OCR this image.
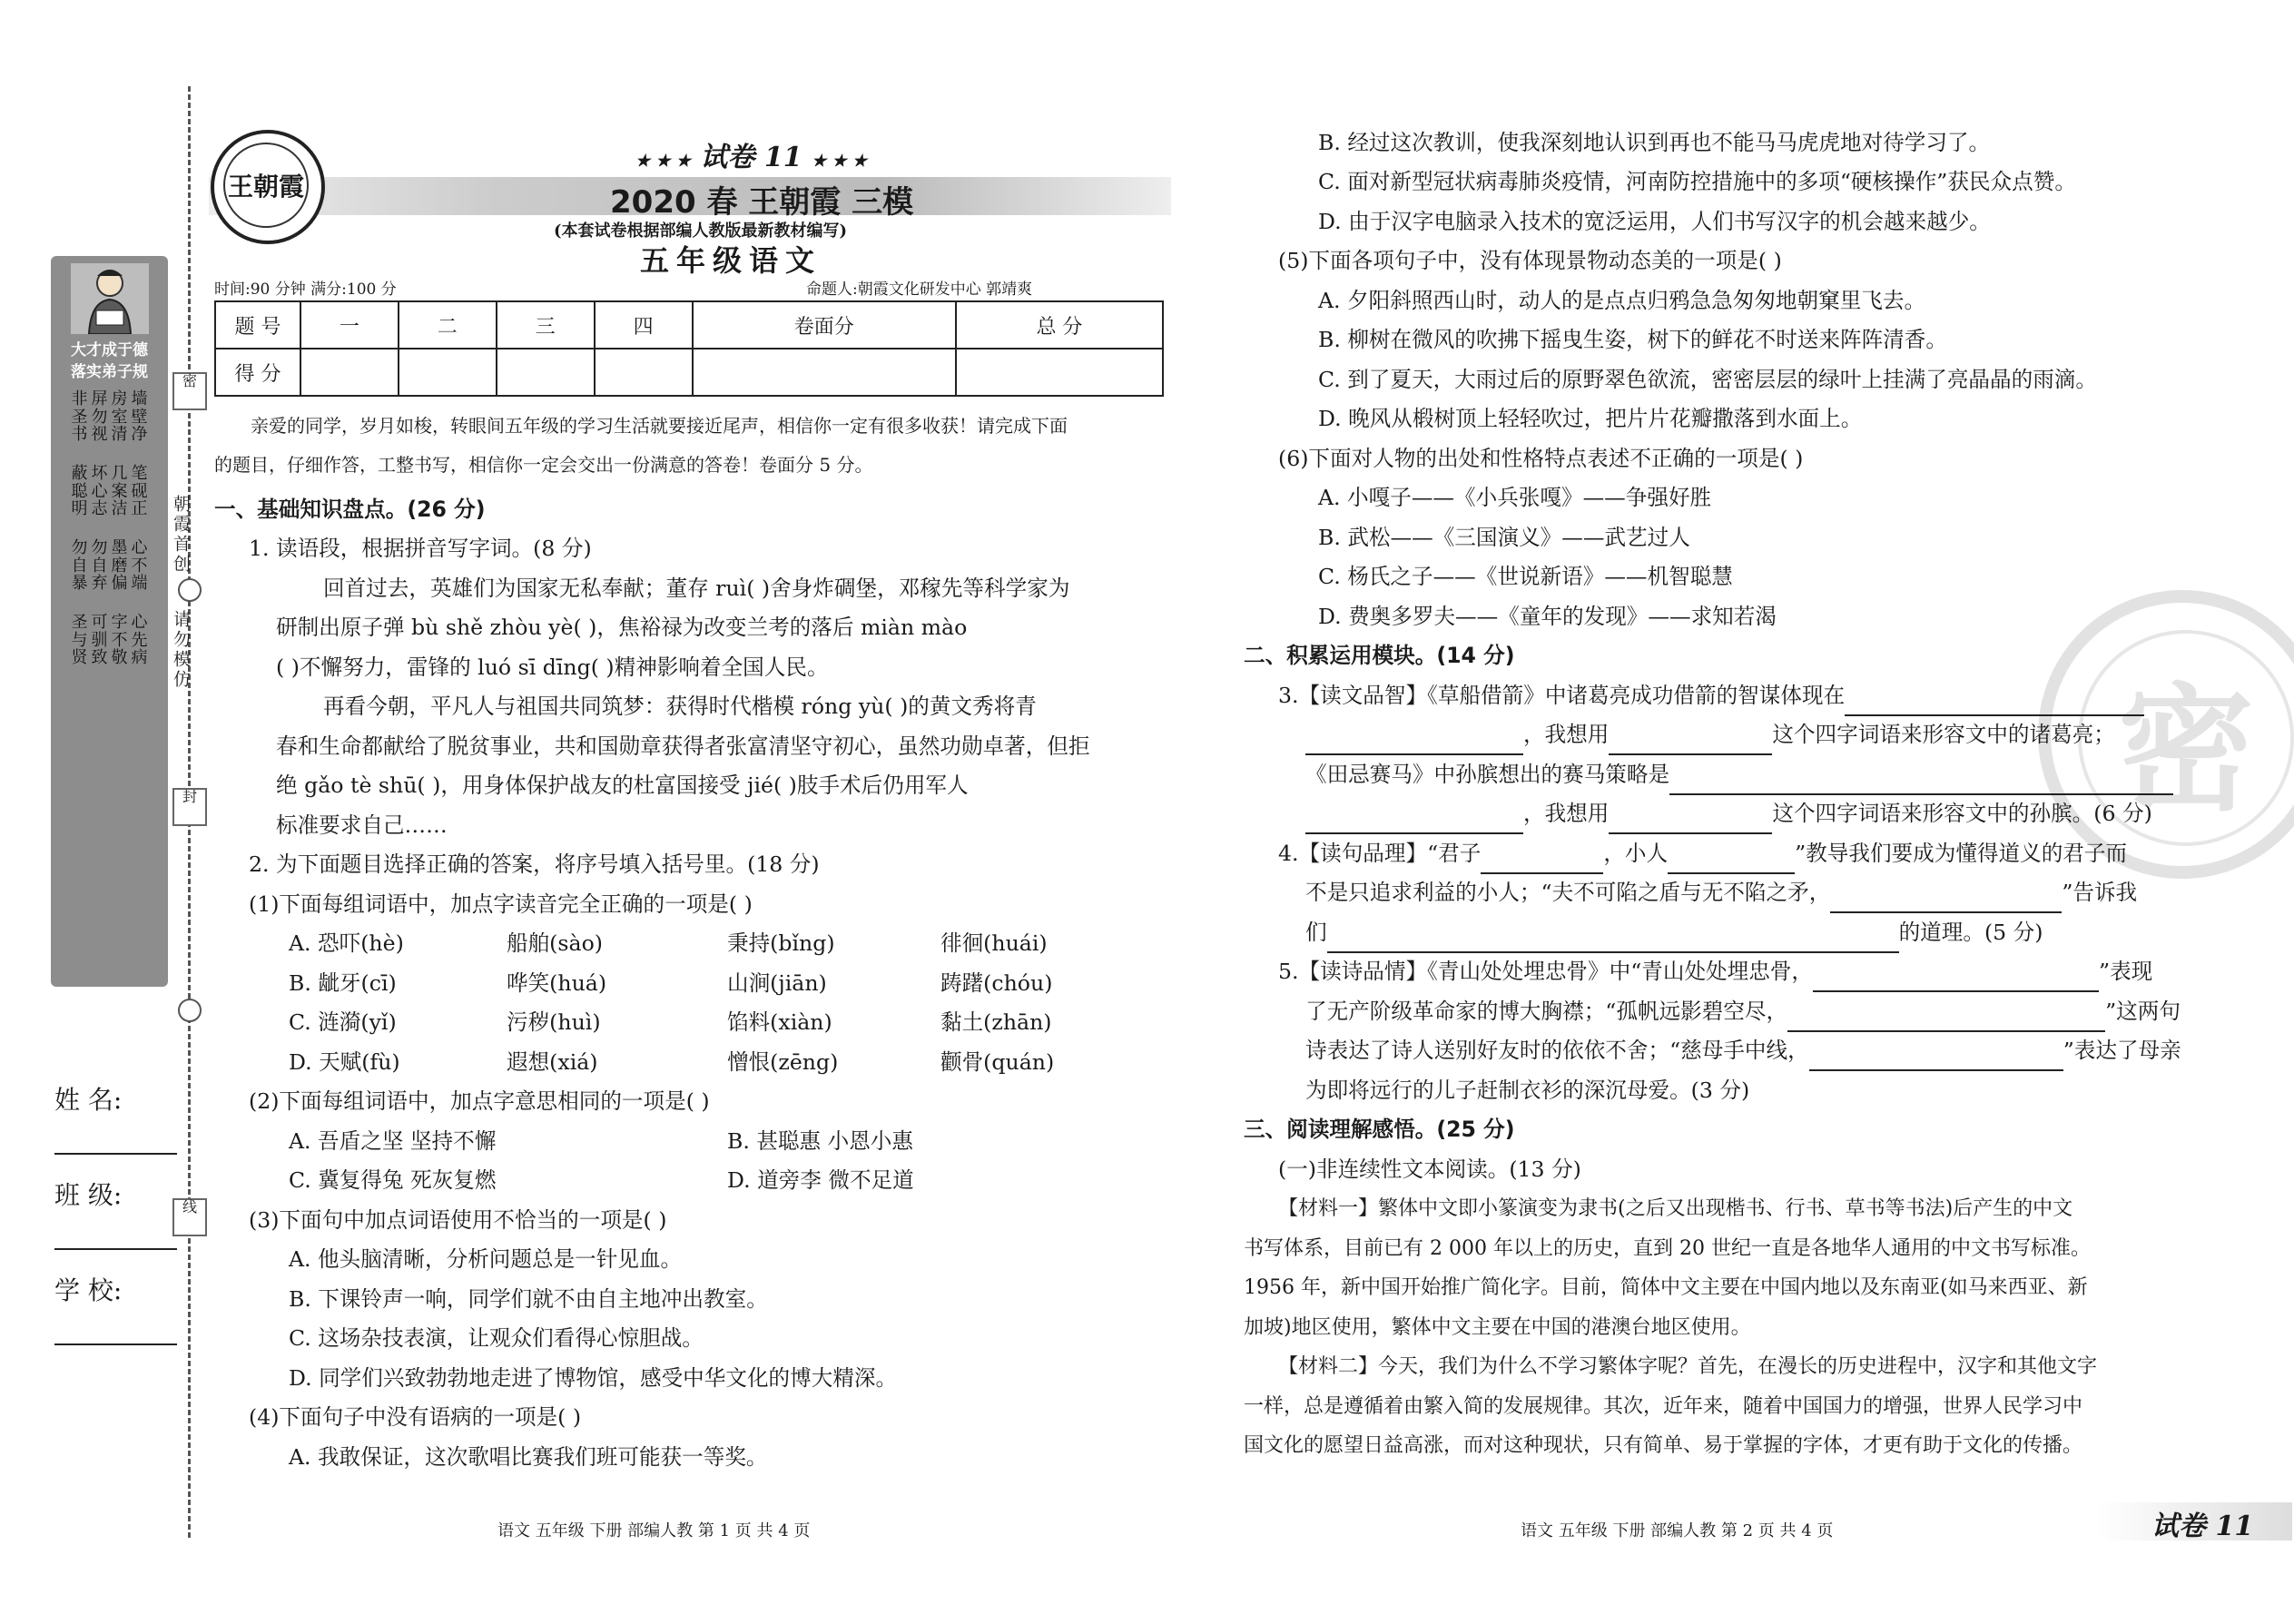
大才成于德
落实弟子规
非圣书
屏勿视
蔽聪明
坏心志
勿自暴
勿自弃
圣与贤
可驯致
房室清
墙壁净
几案洁
笔砚正
墨磨偏
心不端
字不敬
心先病
密
封
线
朝霞首创
请勿模仿
姓 名:
班 级:
学 校:
王朝霞
★ ★ ★ 试卷 11 ★ ★ ★
2020 春 王朝霞 三模
(本套试卷根据部编人教版最新教材编写)
五年级语文
时间:90 分钟 满分:100 分	命题人:朝霞文化研发中心 郭靖爽
题 号	一	二	三	四	卷面分	总 分
得 分						
亲爱的同学，岁月如梭，转眼间五年级的学习生活就要接近尾声，相信你一定有很多收获！请完成下面
的题目，仔细作答，工整书写，相信你一定会交出一份满意的答卷！卷面分 5 分。
一、基础知识盘点。(26 分)
1. 读语段，根据拼音写字词。(8 分)
回首过去，英雄们为国家无私奉献；董存 ruì( )舍身炸碉堡，邓稼先等科学家为
研制出原子弹 bù shě zhòu yè( )，焦裕禄为改变兰考的落后 miàn mào
( )不懈努力，雷锋的 luó sī dīng( )精神影响着全国人民。
再看今朝，平凡人与祖国共同筑梦：获得时代楷模 róng yù( )的黄文秀将青
春和生命都献给了脱贫事业，共和国勋章获得者张富清坚守初心，虽然功勋卓著，但拒
绝 gǎo tè shū( )，用身体保护战友的杜富国接受 jié( )肢手术后仍用军人
标准要求自己……
2. 为下面题目选择正确的答案，将序号填入括号里。(18 分)
(1)下面每组词语中，加点字读音完全正确的一项是( )
A. 恐吓(hè)	船舶(sào)	秉持(bǐng)	徘徊(huái)
B. 龇牙(cī)	哗笑(huá)	山涧(jiān)	踌躇(chóu)
C. 涟漪(yǐ)	污秽(huì)	馅料(xiàn)	黏土(zhān)
D. 天赋(fù)	遐想(xiá)	憎恨(zēng)	颧骨(quán)
(2)下面每组词语中，加点字意思相同的一项是( )
A. 吾盾之坚 坚持不懈	B. 甚聪惠 小恩小惠
C. 冀复得兔 死灰复燃	D. 道旁李 微不足道
(3)下面句中加点词语使用不恰当的一项是( )
A. 他头脑清晰，分析问题总是一针见血。
B. 下课铃声一响，同学们就不由自主地冲出教室。
C. 这场杂技表演，让观众们看得心惊胆战。
D. 同学们兴致勃勃地走进了博物馆，感受中华文化的博大精深。
(4)下面句子中没有语病的一项是( )
A. 我敢保证，这次歌唱比赛我们班可能获一等奖。
密
B. 经过这次教训，使我深刻地认识到再也不能马马虎虎地对待学习了。
C. 面对新型冠状病毒肺炎疫情，河南防控措施中的多项“硬核操作”获民众点赞。
D. 由于汉字电脑录入技术的宽泛运用，人们书写汉字的机会越来越少。
(5)下面各项句子中，没有体现景物动态美的一项是( )
A. 夕阳斜照西山时，动人的是点点归鸦急急匆匆地朝窠里飞去。
B. 柳树在微风的吹拂下摇曳生姿，树下的鲜花不时送来阵阵清香。
C. 到了夏天，大雨过后的原野翠色欲流，密密层层的绿叶上挂满了亮晶晶的雨滴。
D. 晚风从椴树顶上轻轻吹过，把片片花瓣撒落到水面上。
(6)下面对人物的出处和性格特点表述不正确的一项是( )
A. 小嘎子——《小兵张嘎》——争强好胜
B. 武松——《三国演义》——武艺过人
C. 杨氏之子——《世说新语》——机智聪慧
D. 费奥多罗夫——《童年的发现》——求知若渴
二、积累运用模块。(14 分)
3.【读文品智】《草船借箭》中诸葛亮成功借箭的智谋体现在
，我想用	这个四字词语来形容文中的诸葛亮；
《田忌赛马》中孙膑想出的赛马策略是
，我想用	这个四字词语来形容文中的孙膑。(6 分)
4.【读句品理】“君子	，小人	”教导我们要成为懂得道义的君子而
不是只追求利益的小人；“夫不可陷之盾与无不陷之矛，	”告诉我
们	的道理。(5 分)
5.【读诗品情】《青山处处埋忠骨》中“青山处处埋忠骨，	”表现
了无产阶级革命家的博大胸襟；“孤帆远影碧空尽，	”这两句
诗表达了诗人送别好友时的依依不舍；“慈母手中线，	”表达了母亲
为即将远行的儿子赶制衣衫的深沉母爱。(3 分)
三、阅读理解感悟。(25 分)
(一)非连续性文本阅读。(13 分)
【材料一】繁体中文即小篆演变为隶书(之后又出现楷书、行书、草书等书法)后产生的中文
书写体系，目前已有 2 000 年以上的历史，直到 20 世纪一直是各地华人通用的中文书写标准。
1956 年，新中国开始推广简化字。目前，简体中文主要在中国内地以及东南亚(如马来西亚、新
加坡)地区使用，繁体中文主要在中国的港澳台地区使用。
【材料二】今天，我们为什么不学习繁体字呢？首先，在漫长的历史进程中，汉字和其他文字
一样，总是遵循着由繁入简的发展规律。其次，近年来，随着中国国力的增强，世界人民学习中
国文化的愿望日益高涨，而对这种现状，只有简单、易于掌握的字体，才更有助于文化的传播。
语文 五年级 下册 部编人教 第 1 页 共 4 页	语文 五年级 下册 部编人教 第 2 页 共 4 页	试卷 11
